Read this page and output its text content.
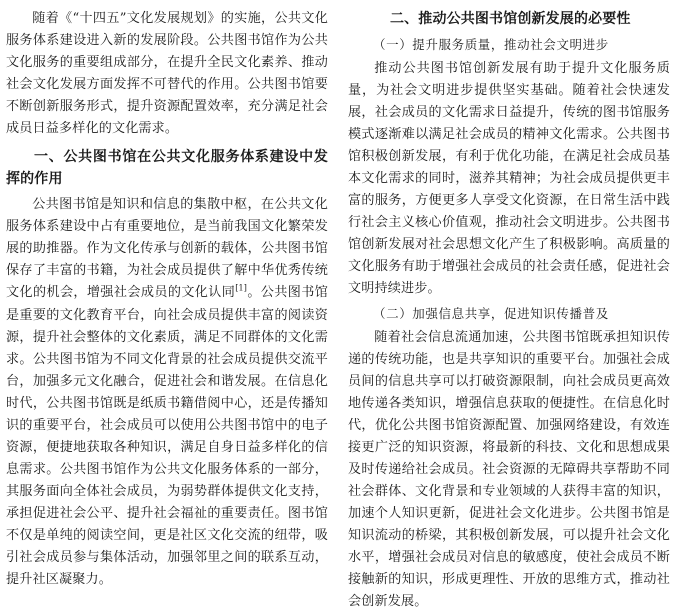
随着《“十四五”文化发展规划》的实施，公共文化服务体系建设进入新的发展阶段。公共图书馆作为公共文化服务的重要组成部分，在提升全民文化素养、推动社会文化发展方面发挥不可替代的作用。公共图书馆要不断创新服务形式，提升资源配置效率，充分满足社会成员日益多样化的文化需求。

一、公共图书馆在公共文化服务体系建设中发挥的作用

公共图书馆是知识和信息的集散中枢，在公共文化服务体系建设中占有重要地位，是当前我国文化繁荣发展的助推器。作为文化传承与创新的载体，公共图书馆保存了丰富的书籍，为社会成员提供了解中华优秀传统文化的机会，增强社会成员的文化认同[1]。公共图书馆是重要的文化教育平台，向社会成员提供丰富的阅读资源，提升社会整体的文化素质，满足不同群体的文化需求。公共图书馆为不同文化背景的社会成员提供交流平台，加强多元文化融合，促进社会和谐发展。在信息化时代，公共图书馆既是纸质书籍借阅中心，还是传播知识的重要平台，社会成员可以使用公共图书馆中的电子资源，便捷地获取各种知识，满足自身日益多样化的信息需求。公共图书馆作为公共文化服务体系的一部分，其服务面向全体社会成员，为弱势群体提供文化支持，承担促进社会公平、提升社会福祉的重要责任。图书馆不仅是单纯的阅读空间，更是社区文化交流的纽带，吸引社会成员参与集体活动，加强邻里之间的联系互动，提升社区凝聚力。

二、推动公共图书馆创新发展的必要性
（一）提升服务质量，推动社会文明进步

推动公共图书馆创新发展有助于提升文化服务质量，为社会文明进步提供坚实基础。随着社会快速发展，社会成员的文化需求日益提升，传统的图书馆服务模式逐渐难以满足社会成员的精神文化需求。公共图书馆积极创新发展，有利于优化功能，在满足社会成员基本文化需求的同时，滋养其精神；为社会成员提供更丰富的服务，方便更多人享受文化资源，在日常生活中践行社会主义核心价值观，推动社会文明进步。公共图书馆创新发展对社会思想文化产生了积极影响。高质量的文化服务有助于增强社会成员的社会责任感，促进社会文明持续进步。

（二）加强信息共享，促进知识传播普及

随着社会信息流通加速，公共图书馆既承担知识传递的传统功能，也是共享知识的重要平台。加强社会成员间的信息共享可以打破资源限制，向社会成员更高效地传递各类知识，增强信息获取的便捷性。在信息化时代，优化公共图书馆资源配置、加强网络建设，有效连接更广泛的知识资源，将最新的科技、文化和思想成果及时传递给社会成员。社会资源的无障碍共享帮助不同社会群体、文化背景和专业领域的人获得丰富的知识，加速个人知识更新，促进社会文化进步。公共图书馆是知识流动的桥梁，其积极创新发展，可以提升社会文化水平，增强社会成员对信息的敏感度，使社会成员不断接触新的知识，形成更理性、开放的思维方式，推动社会创新发展。
